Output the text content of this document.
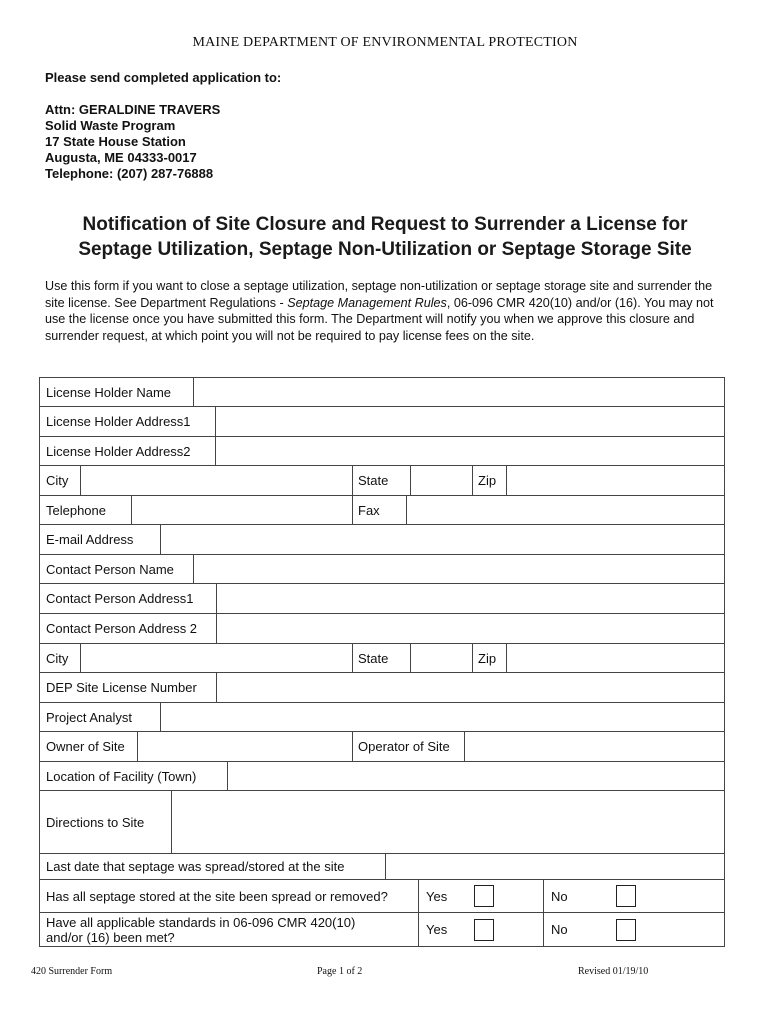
MAINE DEPARTMENT OF ENVIRONMENTAL PROTECTION
Please send completed application to:
Attn: GERALDINE TRAVERS
Solid Waste Program
17 State House Station
Augusta, ME 04333-0017
Telephone: (207) 287-76888
Notification of Site Closure and Request to Surrender a License for
Septage Utilization, Septage Non-Utilization or Septage Storage Site
Use this form if you want to close a septage utilization, septage non-utilization or septage storage site and surrender the site license. See Department Regulations - Septage Management Rules, 06-096 CMR 420(10) and/or (16). You may not use the license once you have submitted this form. The Department will notify you when we approve this closure and surrender request, at which point you will not be required to pay license fees on the site.
License Holder Name
License Holder Address1
License Holder Address2
City	State	Zip
Telephone	Fax
E-mail Address
Contact Person Name
Contact Person Address1
Contact Person Address 2
City	State	Zip
DEP Site License Number
Project Analyst
Owner of Site	Operator of Site
Location of Facility (Town)
Directions to Site
Last date that septage was spread/stored at the site
Has all septage stored at the site been spread or removed?	Yes	No
Have all applicable standards in 06-096 CMR 420(10) and/or (16) been met?	Yes	No
420 Surrender Form	Page 1 of 2	Revised 01/19/10
